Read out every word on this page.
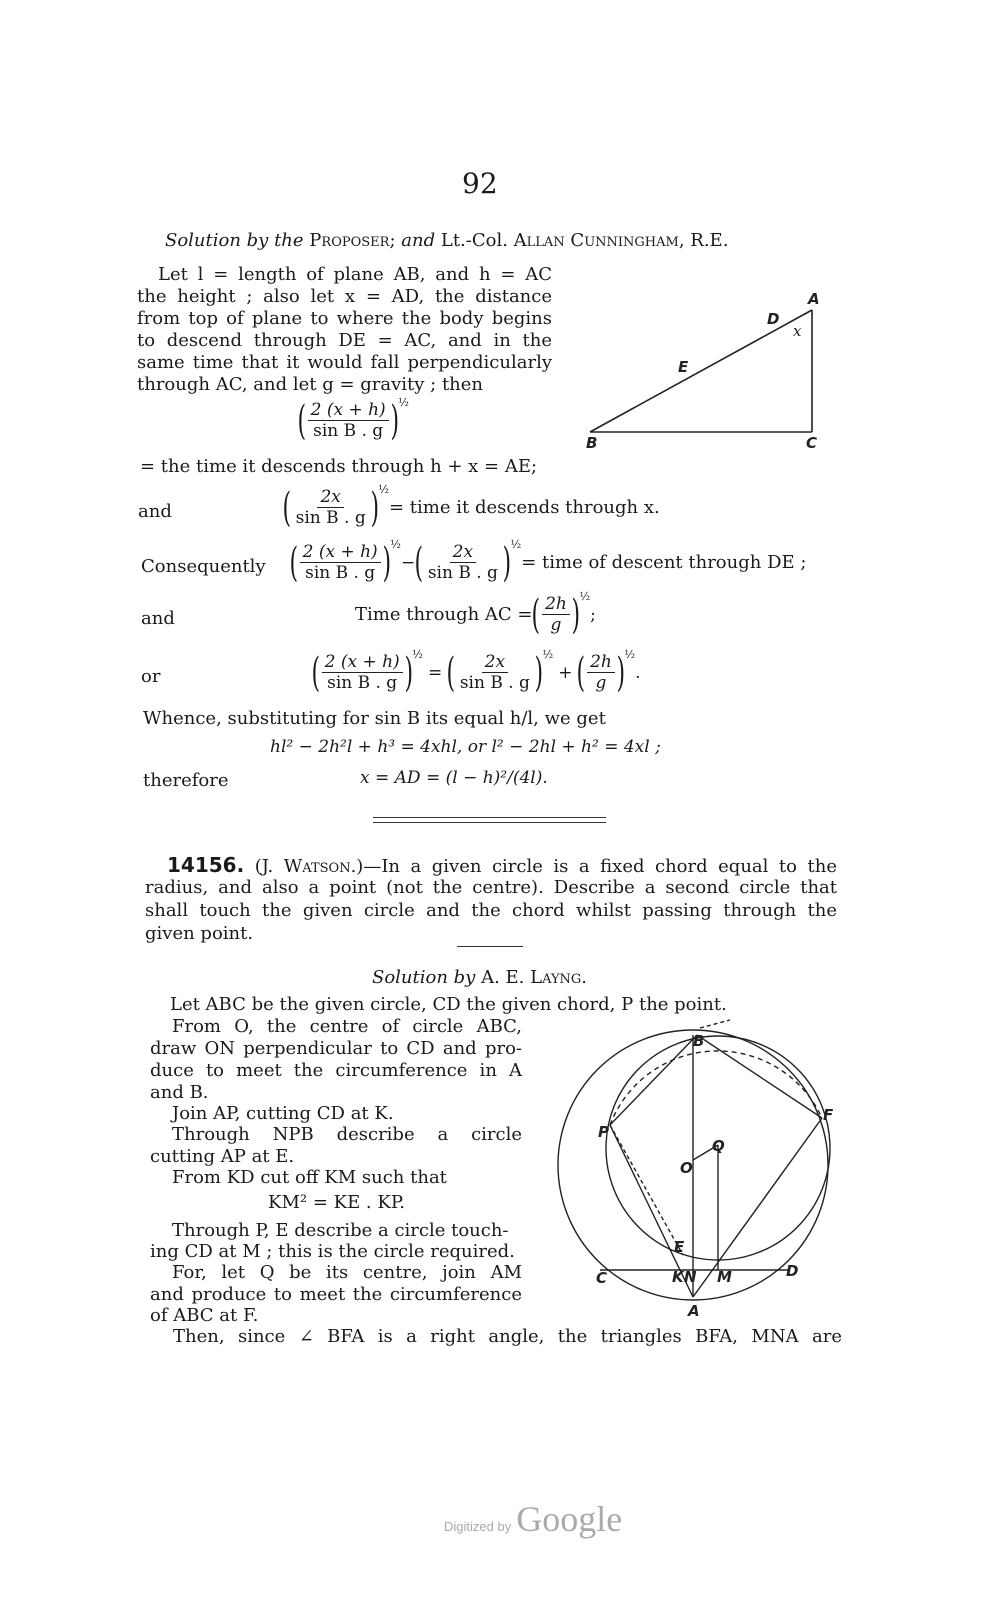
92
Solution by the Proposer; and Lt.-Col. Allan Cunningham, R.E.
Let l = length of plane AB, and h = AC
the height ; also let x = AD, the distance
from top of plane to where the body begins
to descend through DE = AC, and in the
same time that it would fall perpendicularly
through AC, and let g = gravity ; then
( $\frac{2 (x + h)}{\text{sin B . g}}$ ) ½
= the time it descends through h + x = AE;
and	( $\frac{2x}{\text{sin B . g}}$ ) ½
= time it descends through x.
Consequently ( $\frac{2 (x + h)}{\text{sin B . g}}$ ) ½
− ( $\frac{2x}{\text{sin B . g}}$ ) ½
= time of descent through DE ;
and	Time through AC = ( $\frac{2h}{g}$ ) ½
;
or	( $\frac{2 (x + h)}{\text{sin B . g}}$ ) ½
= ( $\frac{2x}{\text{sin B . g}}$ ) ½
+ ( $\frac{2h}{g}$ ) ½
.
Whence, substituting for sin B its equal h/l, we get
hl² − 2h²l + h³ = 4xhl, or l² − 2hl + h² = 4xl ;
therefore	x = AD = (l − h)²/(4l).
14156. (J. Watson.)—In a given circle is a fixed chord equal to the
radius, and also a point (not the centre). Describe a second circle that
shall touch the given circle and the chord whilst passing through the
given point.
Solution by A. E. Layng.
Let ABC be the given circle, CD the given chord, P the point.
From O, the centre of circle ABC,
draw ON perpendicular to CD and pro-
duce to meet the circumference in A
and B.
Join AP, cutting CD at K.
Through NPB describe a circle
cutting AP at E.
From KD cut off KM such that
KM² = KE . KP.
Through P, E describe a circle touch-
ing CD at M ; this is the circle required.
For, let Q be its centre, join AM
and produce to meet the circumference
of ABC at F.
Then, since ∠ BFA is a right angle, the triangles BFA, MNA are
B	C
A
D
E
x
A
B
C	D
E
F
P
Q
O
K N M
Digitized by Google
